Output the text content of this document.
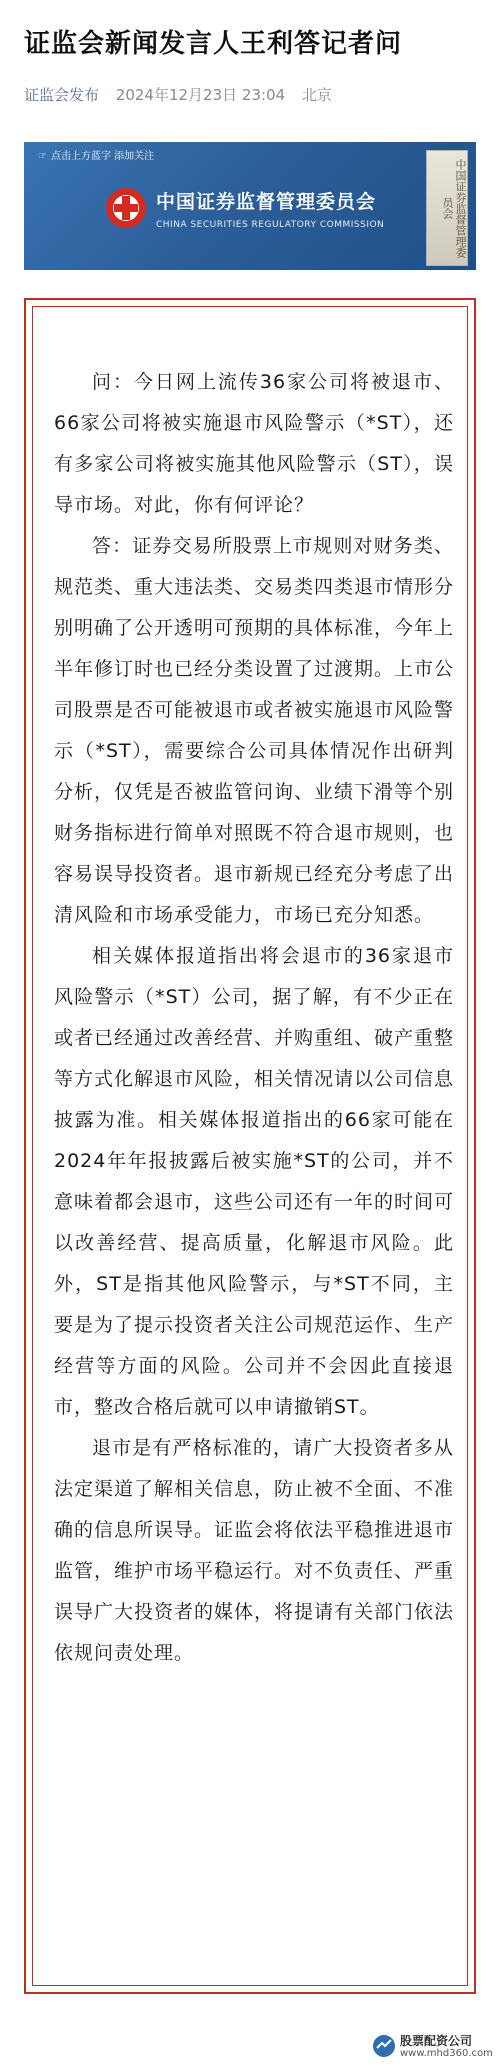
证监会新闻发言人王利答记者问
证监会发布 2024年12月23日 23:04 北京
☞ 点击上方蓝字 添加关注
中国证券监督管理委员会
CHINA SECURITIES REGULATORY COMMISSION	中国证券监督管理委员会

问：今日网上流传36家公司将被退市、66家公司将被实施退市风险警示（*ST），还有多家公司将被实施其他风险警示（ST），误导市场。对此，你有何评论？

答：证券交易所股票上市规则对财务类、规范类、重大违法类、交易类四类退市情形分别明确了公开透明可预期的具体标准，今年上半年修订时也已经分类设置了过渡期。上市公司股票是否可能被退市或者被实施退市风险警示（*ST），需要综合公司具体情况作出研判分析，仅凭是否被监管问询、业绩下滑等个别财务指标进行简单对照既不符合退市规则，也容易误导投资者。退市新规已经充分考虑了出清风险和市场承受能力，市场已充分知悉。

相关媒体报道指出将会退市的36家退市风险警示（*ST）公司，据了解，有不少正在或者已经通过改善经营、并购重组、破产重整等方式化解退市风险，相关情况请以公司信息披露为准。相关媒体报道指出的66家可能在2024年年报披露后被实施*ST的公司，并不意味着都会退市，这些公司还有一年的时间可以改善经营、提高质量，化解退市风险。此外，ST是指其他风险警示，与*ST不同，主要是为了提示投资者关注公司规范运作、生产经营等方面的风险。公司并不会因此直接退市，整改合格后就可以申请撤销ST。

退市是有严格标准的，请广大投资者多从法定渠道了解相关信息，防止被不全面、不准确的信息所误导。证监会将依法平稳推进退市监管，维护市场平稳运行。对不负责任、严重误导广大投资者的媒体，将提请有关部门依法依规问责处理。

股票配资公司
www.mhd360.com
